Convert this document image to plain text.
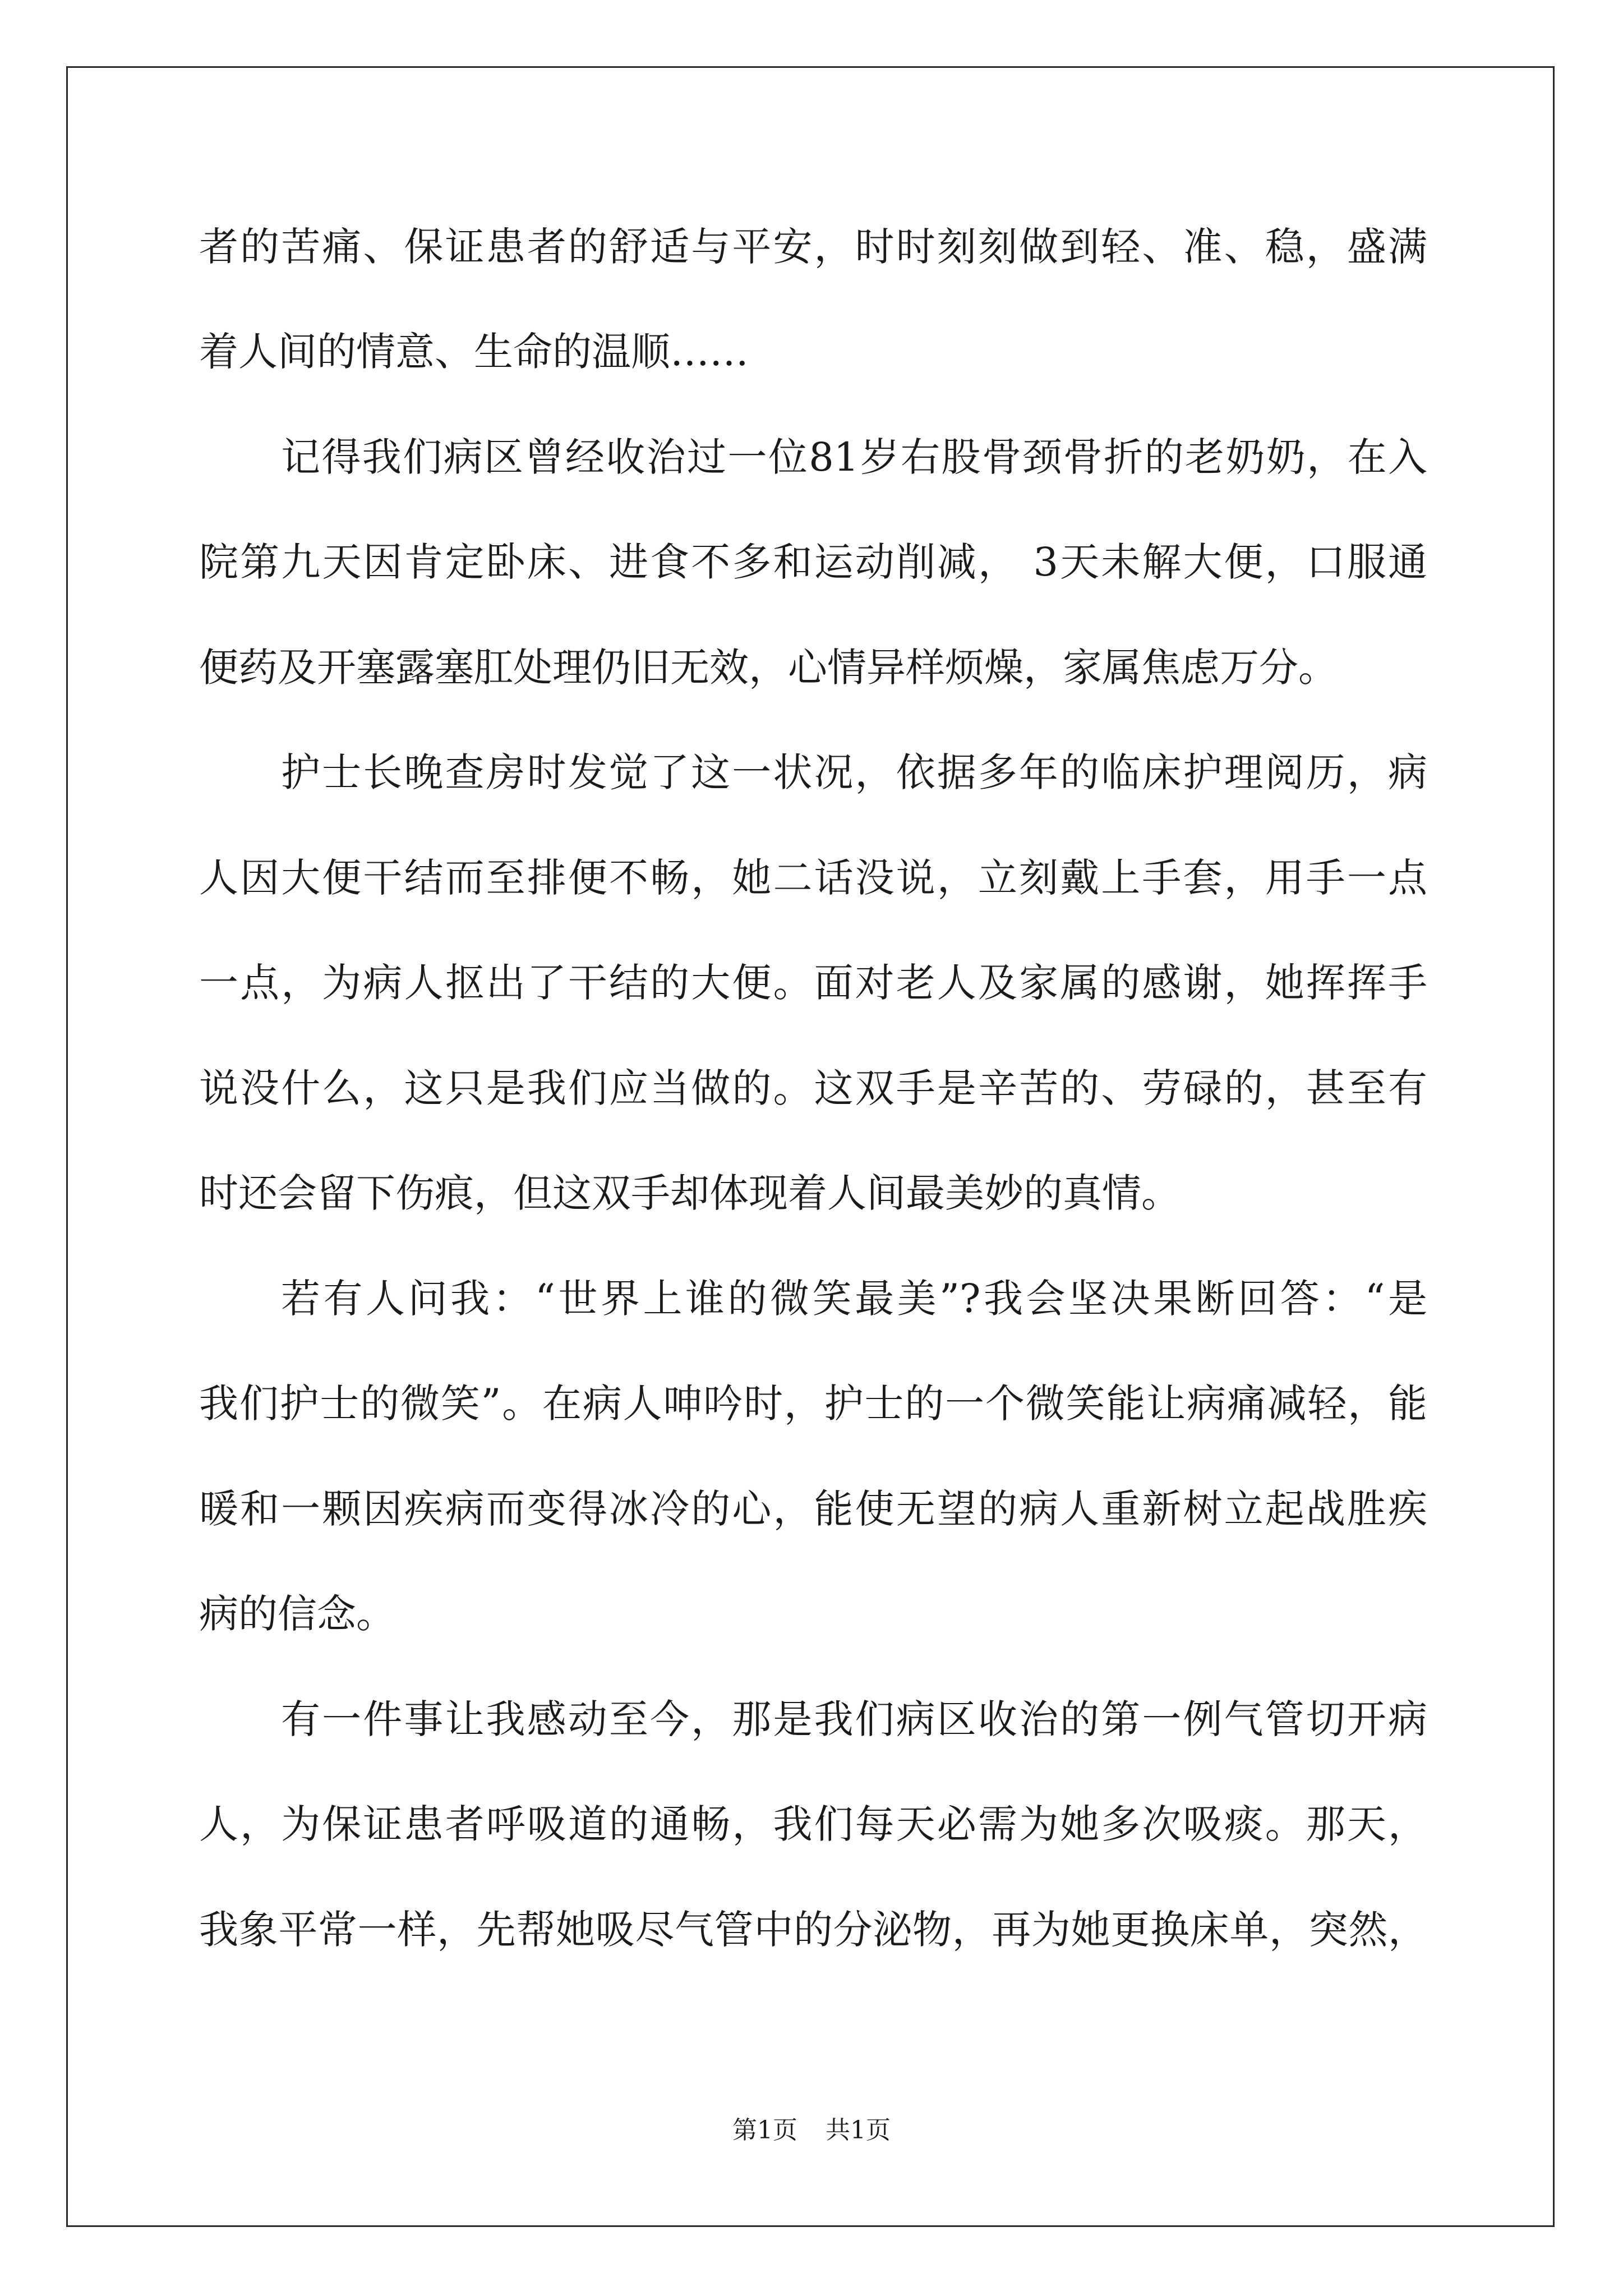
者的苦痛、保证患者的舒适与平安，时时刻刻做到轻、准、稳，盛满
着人间的情意、生命的温顺……
记得我们病区曾经收治过一位81岁右股骨颈骨折的老奶奶，在入
院第九天因肯定卧床、进食不多和运动削减， 3天未解大便，口服通
便药及开塞露塞肛处理仍旧无效，心情异样烦燥，家属焦虑万分。
护士长晚查房时发觉了这一状况，依据多年的临床护理阅历，病
人因大便干结而至排便不畅，她二话没说，立刻戴上手套，用手一点
一点，为病人抠出了干结的大便。面对老人及家属的感谢，她挥挥手
说没什么，这只是我们应当做的。这双手是辛苦的、劳碌的，甚至有
时还会留下伤痕，但这双手却体现着人间最美妙的真情。
若有人问我：“世界上谁的微笑最美”?我会坚决果断回答：“是
我们护士的微笑”。在病人呻吟时，护士的一个微笑能让病痛减轻，能
暖和一颗因疾病而变得冰冷的心，能使无望的病人重新树立起战胜疾
病的信念。
有一件事让我感动至今，那是我们病区收治的第一例气管切开病
人，为保证患者呼吸道的通畅，我们每天必需为她多次吸痰。那天，
我象平常一样，先帮她吸尽气管中的分泌物，再为她更换床单，突然，
第1页 共1页
